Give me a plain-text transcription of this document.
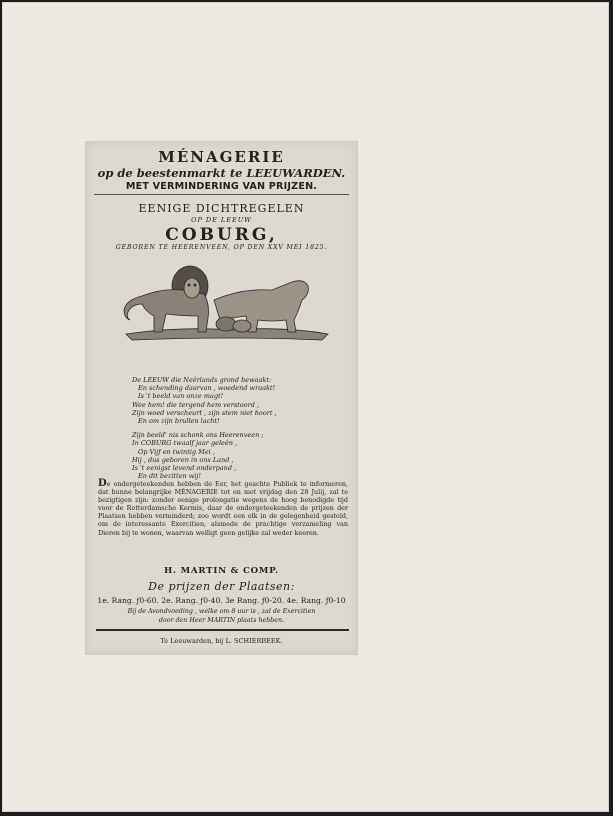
MÉNAGERIE
op de beestenmarkt te LEEUWARDEN.
MET VERMINDERING VAN PRIJZEN.
EENIGE DICHTREGELEN
OP DE LEEUW
COBURG,
GEBOREN TE HEERENVEEN, OP DEN XXV MEI 1825.
De LEEUW die Neêrlands grond bewaakt:
En schending daarvan , woedend wraakt!
Is 't beeld van onze magt!
Wee hem! die tergend hem verstoord ,
Zijn woed verscheurt , zijn stem niet hoort ,
En om zijn brullen lacht!
Zijn beeld' nis schonk ons Heerenveen ;
In COBURG twaalf jaar geleên ,
Op Vijf en twintig Mei ,
Hij , dus geboren in ons Land ,
Is 't eenigst levend onderpand ,
En dit bezitten wij!
De ondergeteekenden hebben de Eer, het geachte Publiek te informeren, dat hunne belangrijke MÉNAGERIE tot en met vrijdag den 28 Julij, zal te bezigtigen zijn: zonder eenige prolongatie wegens de hoog benodigde tijd voor de Rotterdamsche Kermis, daar de ondergeteekenden de prijzen der Plaatsen hebben verminderd; zoo wordt een elk in de gelegenheid gesteld, om de interessante Exercitien, alsmede de prachtige verzameling van Dieren bij te wonen, waarvan welligt geen gelijke zal weder keeren.
H. MARTIN & COMP.
De prijzen der Plaatsen:
1e. Rang. ƒ0-60. 2e. Rang. ƒ0-40. 3e Rang. ƒ0-20. 4e. Rang. ƒ0-10
Bij de Avondvoeding , welke om 8 uur is , zal de Exercitien
door den Heer MARTIN plaats hebben.
Te Leeuwarden, bij L. SCHIERBEEK.
